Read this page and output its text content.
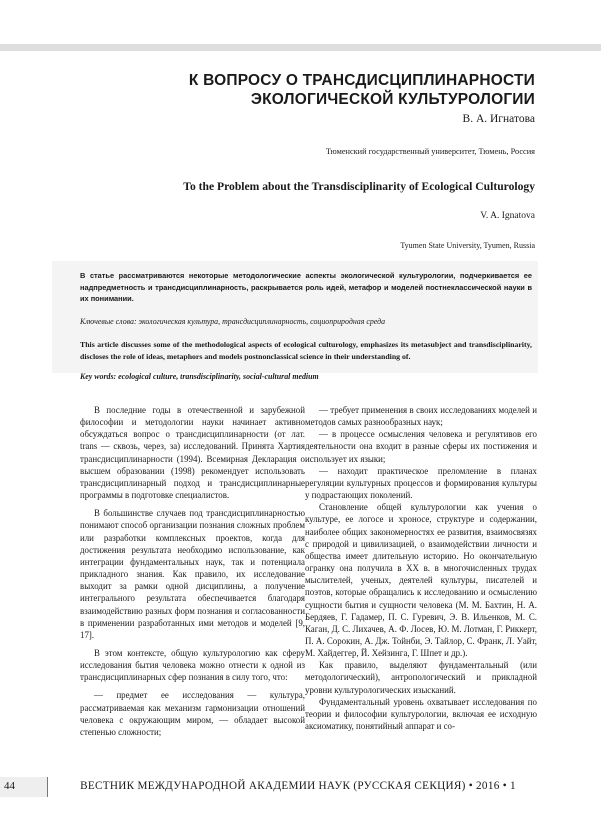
К ВОПРОСУ О ТРАНСДИСЦИПЛИНАРНОСТИ
ЭКОЛОГИЧЕСКОЙ КУЛЬТУРОЛОГИИ
В. А. Игнатова
Тюменский государственный университет, Тюмень, Россия
To the Problem about the Transdisciplinarity of Ecological Culturology
V. A. Ignatova
Tyumen State University, Tyumen, Russia
В статье рассматриваются некоторые методологические аспекты экологической культурологии, подчеркивается ее надпредметность и трансдисциплинарность, раскрывается роль идей, метафор и моделей постнеклассической науки в их понимании.
Ключевые слова: экологическая культура, трансдисциплинарность, социоприродная среда
This article discusses some of the methodological aspects of ecological culturology, emphasizes its metasubject and transdisciplinarity, discloses the role of ideas, metaphors and models postnonclassical science in their understanding of.
Key words: ecological culture, transdisciplinarity, social-cultural medium

В последние годы в отечественной и зарубежной философии и методологии науки начинает активно обсуждаться вопрос о трансдисциплинарности (от лат. trans — сквозь, через, за) исследований. Принята Хартия трансдисциплинарности (1994). Всемирная Декларация о высшем образовании (1998) рекомендует использовать трансдисциплинарный подход и трансдисциплинарные программы в подготовке специалистов.

В большинстве случаев под трансдисциплинарностью понимают способ организации познания сложных проблем или разработки комплексных проектов, когда для достижения результата необходимо использование, как интеграции фундаментальных наук, так и потенциала прикладного знания. Как правило, их исследование выходит за рамки одной дисциплины, а получение интегрального результата обеспечивается благодаря взаимодействию разных форм познания и согласованности в применении разработанных ими методов и моделей [9, 17].

В этом контексте, общую культурологию как сферу исследования бытия человека можно отнести к одной из трансдисциплинарных сфер познания в силу того, что:

— предмет ее исследования — культура, рассматриваемая как механизм гармонизации отношений человека с окружающим миром, — обладает высокой степенью сложности;

— требует применения в своих исследованиях моделей и методов самых разнообразных наук;

— в процессе осмысления человека и регулятивов его деятельности она входит в разные сферы их постижения и использует их языки;

— находит практическое преломление в планах регуляции культурных процессов и формирования культуры у подрастающих поколений.

Становление общей культурологии как учения о культуре, ее логосе и хроносе, структуре и содержании, наиболее общих закономерностях ее развития, взаимосвязях с природой и цивилизацией, о взаимодействии личности и общества имеет длительную историю. Но окончательную огранку она получила в XX в. в многочисленных трудах мыслителей, ученых, деятелей культуры, писателей и поэтов, которые обращались к исследованию и осмыслению сущности бытия и сущности человека (М. М. Бахтин, Н. А. Бердяев, Г. Гадамер, П. С. Гуревич, Э. В. Ильенков, М. С. Каган, Д. С. Лихачев, А. Ф. Лосев, Ю. М. Лотман, Г. Риккерт, П. А. Сорокин, А. Дж. Тойнби, Э. Тайлор, С. Франк, Л. Уайт, М. Хайдеггер, Й. Хейзинга, Г. Шпет и др.).

Как правило, выделяют фундаментальный (или методологический), антропологический и прикладной уровни культурологических изысканий.

Фундаментальный уровень охватывает исследования по теории и философии культурологии, включая ее исходную аксиоматику, понятийный аппарат и со-

44	ВЕСТНИК МЕЖДУНАРОДНОЙ АКАДЕМИИ НАУК (РУССКАЯ СЕКЦИЯ) • 2016 • 1
